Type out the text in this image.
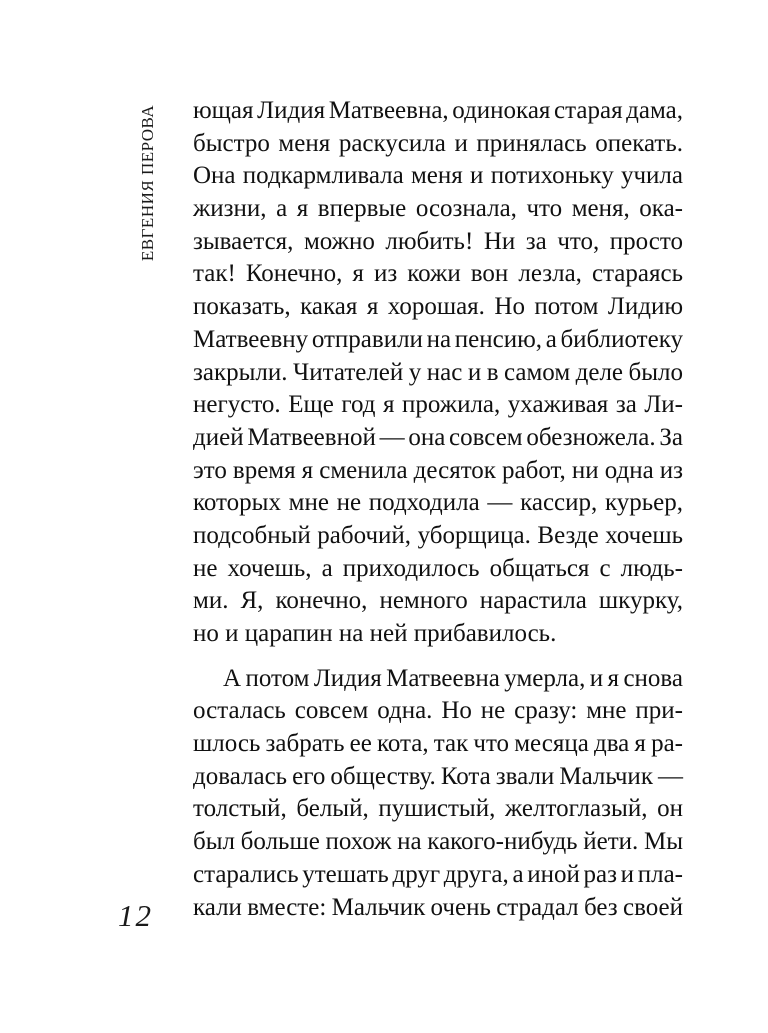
ЕВГЕНИЯ ПЕРОВА ющая Лидия Матвеевна, одинокая старая дама,
быстро меня раскусила и принялась опекать.
Она подкармливала меня и потихоньку учила
жизни, а я впервые осознала, что меня, ока-
зывается, можно любить! Ни за что, просто
так! Конечно, я из кожи вон лезла, стараясь
показать, какая я хорошая. Но потом Лидию
Матвеевну отправили на пенсию, а библиотеку
закрыли. Читателей у нас и в самом деле было
негусто. Еще год я прожила, ухаживая за Ли-
дией Матвеевной — она совсем обезножела. За
это время я сменила десяток работ, ни одна из
которых мне не подходила — кассир, курьер,
подсобный рабочий, уборщица. Везде хочешь
не хочешь, а приходилось общаться с людь-
ми. Я, конечно, немного нарастила шкурку,
но и царапин на ней прибавилось.
А потом Лидия Матвеевна умерла, и я снова
осталась совсем одна. Но не сразу: мне при-
шлось забрать ее кота, так что месяца два я ра-
довалась его обществу. Кота звали Мальчик —
толстый, белый, пушистый, желтоглазый, он
был больше похож на какого-нибудь йети. Мы
старались утешать друг друга, а иной раз и пла-
кали вместе: Мальчик очень страдал без своей
12
